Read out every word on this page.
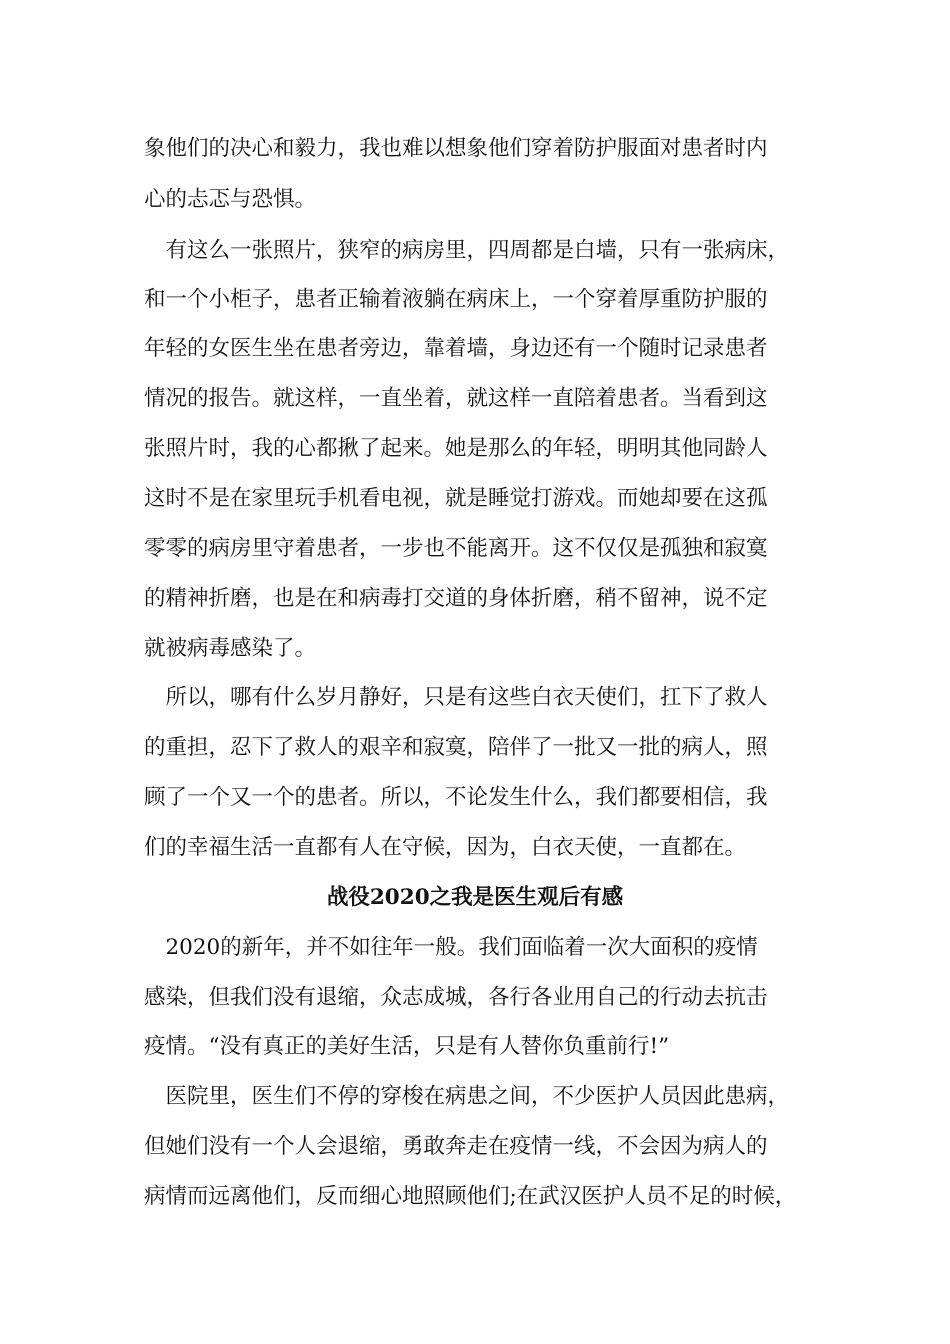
象他们的决心和毅力，我也难以想象他们穿着防护服面对患者时内
心的忐忑与恐惧。
　有这么一张照片，狭窄的病房里，四周都是白墙，只有一张病床，
和一个小柜子，患者正输着液躺在病床上，一个穿着厚重防护服的
年轻的女医生坐在患者旁边，靠着墙，身边还有一个随时记录患者
情况的报告。就这样，一直坐着，就这样一直陪着患者。当看到这
张照片时，我的心都揪了起来。她是那么的年轻，明明其他同龄人
这时不是在家里玩手机看电视，就是睡觉打游戏。而她却要在这孤
零零的病房里守着患者，一步也不能离开。这不仅仅是孤独和寂寞
的精神折磨，也是在和病毒打交道的身体折磨，稍不留神，说不定
就被病毒感染了。
　所以，哪有什么岁月静好，只是有这些白衣天使们，扛下了救人
的重担，忍下了救人的艰辛和寂寞，陪伴了一批又一批的病人，照
顾了一个又一个的患者。所以，不论发生什么，我们都要相信，我
们的幸福生活一直都有人在守候，因为，白衣天使，一直都在。
战役2020之我是医生观后有感
　2020的新年，并不如往年一般。我们面临着一次大面积的疫情
感染，但我们没有退缩，众志成城，各行各业用自己的行动去抗击
疫情。“没有真正的美好生活，只是有人替你负重前行!”
　医院里，医生们不停的穿梭在病患之间，不少医护人员因此患病，
但她们没有一个人会退缩，勇敢奔走在疫情一线，不会因为病人的
病情而远离他们，反而细心地照顾他们;在武汉医护人员不足的时候，
